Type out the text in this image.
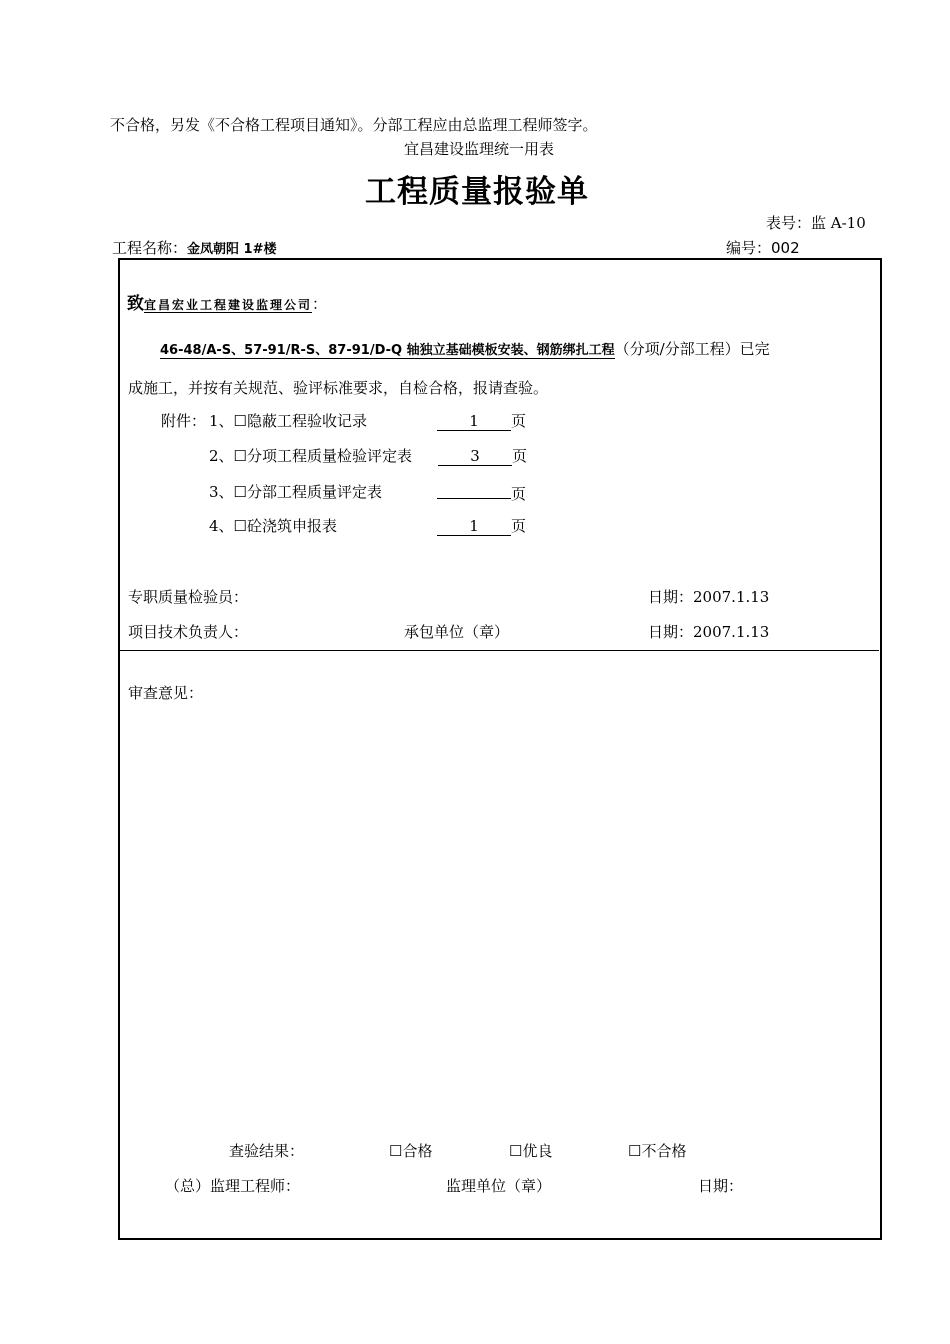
不合格，另发《不合格工程项目通知》。分部工程应由总监理工程师签字。
宜昌建设监理统一用表
工程质量报验单
表号：监 A-10
工程名称：金凤朝阳 1#楼	编号：002
致宜昌宏业工程建设监理公司：
46-48/A-S、57-91/R-S、87-91/D-Q 轴独立基础模板安装、钢筋绑扎工程（分项/分部工程）已完
成施工，并按有关规范、验评标准要求，自检合格，报请查验。
附件： 1、☐隐蔽工程验收记录	1 页
2、☐分项工程质量检验评定表	3 页
3、☐分部工程质量评定表	页
4、☐砼浇筑申报表	1 页
专职质量检验员：	日期：2007.1.13
项目技术负责人：	承包单位（章）	日期：2007.1.13
审查意见：
查验结果：	☐合格	☐优良	☐不合格
（总）监理工程师：	监理单位（章）	日期：
